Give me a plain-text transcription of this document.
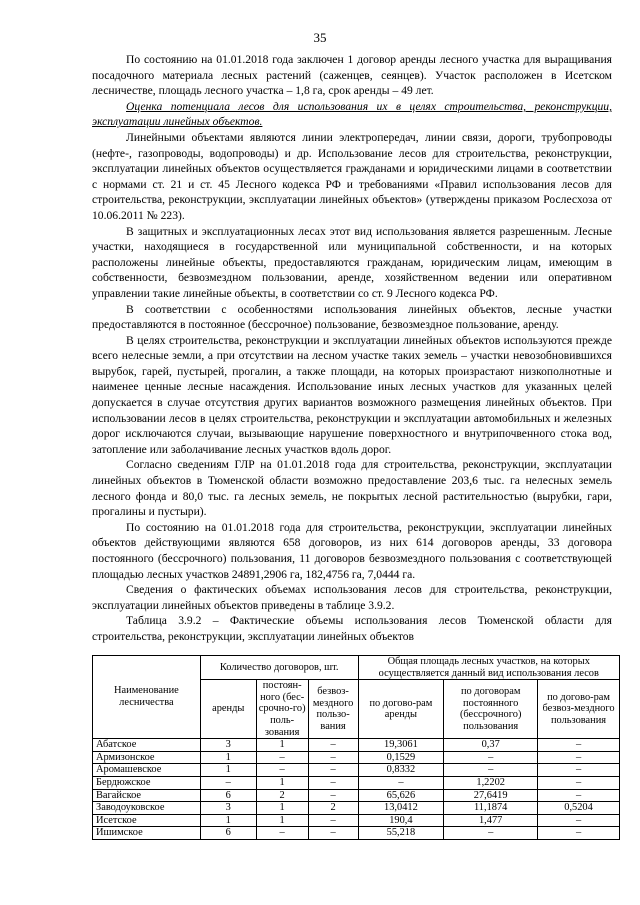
35

По состоянию на 01.01.2018 года заключен 1 договор аренды лесного участка для выращивания посадочного материала лесных растений (саженцев, сеянцев). Участок расположен в Исетском лесничестве, площадь лесного участка – 1,8 га, срок аренды – 49 лет.

Оценка потенциала лесов для использования их в целях строительства, реконструкции, эксплуатации линейных объектов.

Линейными объектами являются линии электропередач, линии связи, дороги, трубопроводы (нефте-, газопроводы, водопроводы) и др. Использование лесов для строительства, реконструкции, эксплуатации линейных объектов осуществляется гражданами и юридическими лицами в соответствии с нормами ст. 21 и ст. 45 Лесного кодекса РФ и требованиями «Правил использования лесов для строительства, реконструкции, эксплуатации линейных объектов» (утверждены приказом Рослесхоза от 10.06.2011 № 223).

В защитных и эксплуатационных лесах этот вид использования является разрешенным. Лесные участки, находящиеся в государственной или муниципальной собственности, и на которых расположены линейные объекты, предоставляются гражданам, юридическим лицам, имеющим в собственности, безвозмездном пользовании, аренде, хозяйственном ведении или оперативном управлении такие линейные объекты, в соответствии со ст. 9 Лесного кодекса РФ.

В соответствии с особенностями использования линейных объектов, лесные участки предоставляются в постоянное (бессрочное) пользование, безвозмездное пользование, аренду.

В целях строительства, реконструкции и эксплуатации линейных объектов используются прежде всего нелесные земли, а при отсутствии на лесном участке таких земель – участки невозобновившихся вырубок, гарей, пустырей, прогалин, а также площади, на которых произрастают низкополнотные и наименее ценные лесные насаждения. Использование иных лесных участков для указанных целей допускается в случае отсутствия других вариантов возможного размещения линейных объектов. При использовании лесов в целях строительства, реконструкции и эксплуатации автомобильных и железных дорог исключаются случаи, вызывающие нарушение поверхностного и внутрипочвенного стока вод, затопление или заболачивание лесных участков вдоль дорог.

Согласно сведениям ГЛР на 01.01.2018 года для строительства, реконструкции, эксплуатации линейных объектов в Тюменской области возможно предоставление 203,6 тыс. га нелесных земель лесного фонда и 80,0 тыс. га лесных земель, не покрытых лесной растительностью (вырубки, гари, прогалины и пустыри).

По состоянию на 01.01.2018 года для строительства, реконструкции, эксплуатации линейных объектов действующими являются 658 договоров, из них 614 договоров аренды, 33 договора постоянного (бессрочного) пользования, 11 договоров безвозмездного пользования с соответствующей площадью лесных участков 24891,2906 га, 182,4756 га, 7,0444 га.

Сведения о фактических объемах использования лесов для строительства, реконструкции, эксплуатации линейных объектов приведены в таблице 3.9.2.

Таблица 3.9.2 – Фактические объемы использования лесов Тюменской области для строительства, реконструкции, эксплуатации линейных объектов

Наименование лесничества	Количество договоров, шт.			Общая площадь лесных участков, на которых осуществляется данный вид использования лесов		
	аренды	постоян-ного (бес-срочно-го) поль-зования	безвоз-мездного пользо-вания	по догово-рам аренды	по договорам постоянного (бессрочного) пользования	по догово-рам безвоз-мездного пользования
Абатское	3	1	–	19,3061	0,37	–
Армизонское	1	–	–	0,1529	–	–
Аромашевское	1	–	–	0,8332	–	–
Бердюжское	–	1	–	–	1,2202	–
Вагайское	6	2	–	65,626	27,6419	–
Заводоуковское	3	1	2	13,0412	11,1874	0,5204
Исетское	1	1	–	190,4	1,477	–
Ишимское	6	–	–	55,218	–	–
